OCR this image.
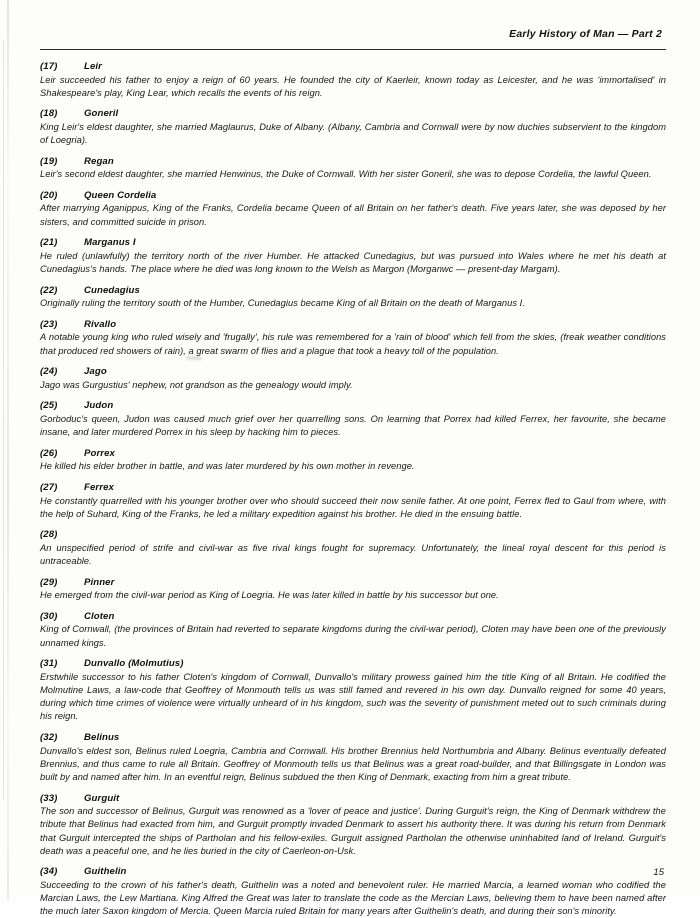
Early History of Man — Part 2
(17)	Leir
Leir succeeded his father to enjoy a reign of 60 years. He founded the city of Kaerleir, known today as Leicester, and he was 'immortalised' in Shakespeare's play, King Lear, which recalls the events of his reign.
(18)	Goneril
King Leir's eldest daughter, she married Maglaurus, Duke of Albany. (Albany, Cambria and Cornwall were by now duchies subservient to the kingdom of Loegria).
(19)	Regan
Leir's second eldest daughter, she married Henwinus, the Duke of Cornwall. With her sister Goneril, she was to depose Cordelia, the lawful Queen.
(20)	Queen Cordelia
After marrying Aganippus, King of the Franks, Cordelia became Queen of all Britain on her father's death. Five years later, she was deposed by her sisters, and committed suicide in prison.
(21)	Marganus I
He ruled (unlawfully) the territory north of the river Humber. He attacked Cunedagius, but was pursued into Wales where he met his death at Cunedagius's hands. The place where he died was long known to the Welsh as Margon (Morganwc — present-day Margam).
(22)	Cunedagius
Originally ruling the territory south of the Humber, Cunedagius became King of all Britain on the death of Marganus I.
(23)	Rivallo
A notable young king who ruled wisely and 'frugally', his rule was remembered for a 'rain of blood' which fell from the skies, (freak weather conditions that produced red showers of rain), a great swarm of flies and a plague that took a heavy toll of the population.
(24)	Jago
Jago was Gurgustius' nephew, not grandson as the genealogy would imply.
(25)	Judon
Gorboduc's queen, Judon was caused much grief over her quarrelling sons. On learning that Porrex had killed Ferrex, her favourite, she became insane, and later murdered Porrex in his sleep by hacking him to pieces.
(26)	Porrex
He killed his elder brother in battle, and was later murdered by his own mother in revenge.
(27)	Ferrex
He constantly quarrelled with his younger brother over who should succeed their now senile father. At one point, Ferrex fled to Gaul from where, with the help of Suhard, King of the Franks, he led a military expedition against his brother. He died in the ensuing battle.
(28)
An unspecified period of strife and civil-war as five rival kings fought for supremacy. Unfortunately, the lineal royal descent for this period is untraceable.
(29)	Pinner
He emerged from the civil-war period as King of Loegria. He was later killed in battle by his successor but one.
(30)	Cloten
King of Cornwall, (the provinces of Britain had reverted to separate kingdoms during the civil-war period), Cloten may have been one of the previously unnamed kings.
(31)	Dunvallo (Molmutius)
Erstwhile successor to his father Cloten's kingdom of Cornwall, Dunvallo's military prowess gained him the title King of all Britain. He codified the Molmutine Laws, a law-code that Geoffrey of Monmouth tells us was still famed and revered in his own day. Dunvallo reigned for some 40 years, during which time crimes of violence were virtually unheard of in his kingdom, such was the severity of punishment meted out to such criminals during his reign.
(32)	Belinus
Dunvallo's eldest son, Belinus ruled Loegria, Cambria and Cornwall. His brother Brennius held Northumbria and Albany. Belinus eventually defeated Brennius, and thus came to rule all Britain. Geoffrey of Monmouth tells us that Belinus was a great road-builder, and that Billingsgate in London was built by and named after him. In an eventful reign, Belinus subdued the then King of Denmark, exacting from him a great tribute.
(33)	Gurguit
The son and successor of Belinus, Gurguit was renowned as a 'lover of peace and justice'. During Gurguit's reign, the King of Denmark withdrew the tribute that Belinus had exacted from him, and Gurguit promptly invaded Denmark to assert his authority there. It was during his return from Denmark that Gurguit intercepted the ships of Partholan and his fellow-exiles. Gurguit assigned Partholan the otherwise uninhabited land of Ireland. Gurguit's death was a peaceful one, and he lies buried in the city of Caerleon-on-Usk.
(34)	Guithelin
Succeeding to the crown of his father's death, Guithelin was a noted and benevolent ruler. He married Marcia, a learned woman who codified the Marcian Laws, the Lew Martiana. King Alfred the Great was later to translate the code as the Mercian Laws, believing them to have been named after the much later Saxon kingdom of Mercia. Queen Marcia ruled Britain for many years after Guithelin's death, and during their son's minority.
15
